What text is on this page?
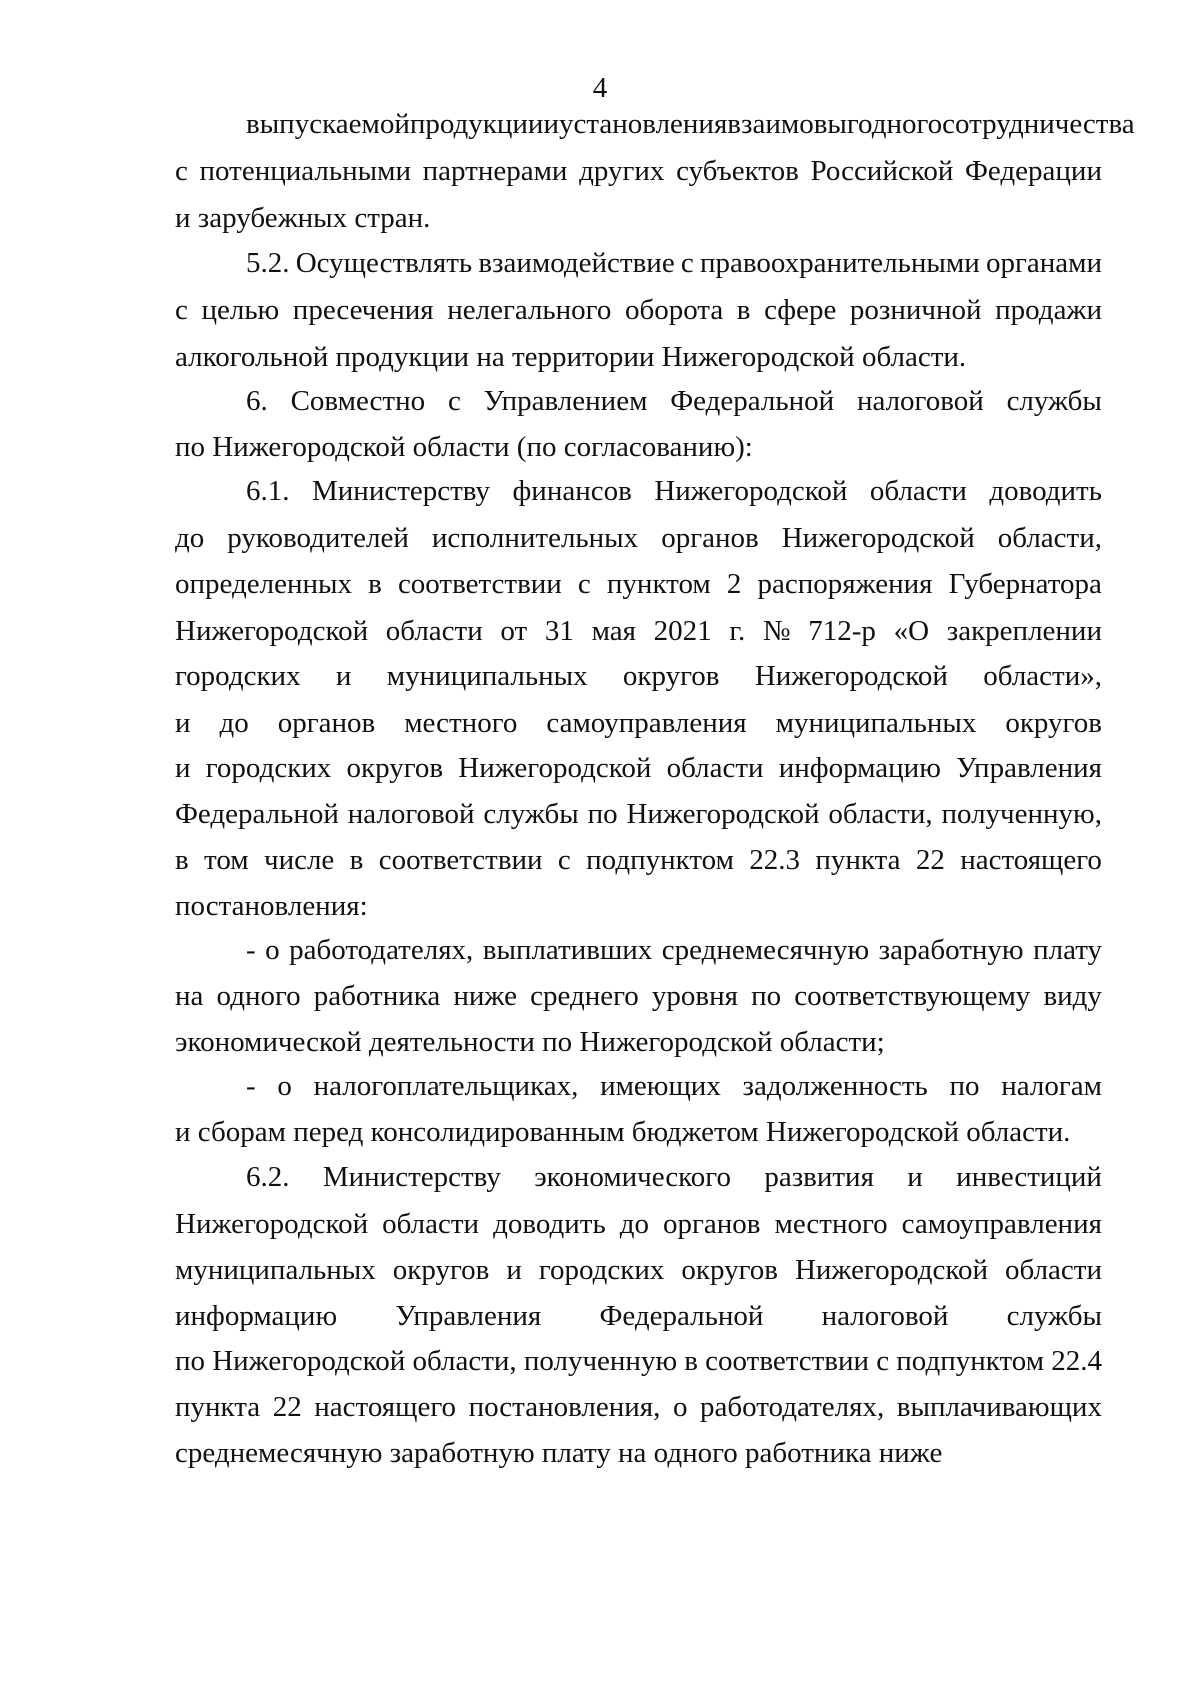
4
выпускаемой продукции и установления взаимовыгодного сотрудничества
с потенциальными партнерами других субъектов Российской Федерации
и зарубежных стран.
5.2. Осуществлять взаимодействие с правоохранительными органами
с целью пресечения нелегального оборота в сфере розничной продажи
алкогольной продукции на территории Нижегородской области.
6. Совместно с Управлением Федеральной налоговой службы
по Нижегородской области (по согласованию):
6.1. Министерству финансов Нижегородской области доводить
до руководителей исполнительных органов Нижегородской области,
определенных в соответствии с пунктом 2 распоряжения Губернатора
Нижегородской области от 31 мая 2021 г. № 712-р «О закреплении
городских и муниципальных округов Нижегородской области»,
и до органов местного самоуправления муниципальных округов
и городских округов Нижегородской области информацию Управления
Федеральной налоговой службы по Нижегородской области, полученную,
в том числе в соответствии с подпунктом 22.3 пункта 22 настоящего
постановления:
- о работодателях, выплативших среднемесячную заработную плату
на одного работника ниже среднего уровня по соответствующему виду
экономической деятельности по Нижегородской области;
- о налогоплательщиках, имеющих задолженность по налогам
и сборам перед консолидированным бюджетом Нижегородской области.
6.2. Министерству экономического развития и инвестиций
Нижегородской области доводить до органов местного самоуправления
муниципальных округов и городских округов Нижегородской области
информацию Управления Федеральной налоговой службы
по Нижегородской области, полученную в соответствии с подпунктом 22.4
пункта 22 настоящего постановления, о работодателях, выплачивающих
среднемесячную заработную плату на одного работника ниже
